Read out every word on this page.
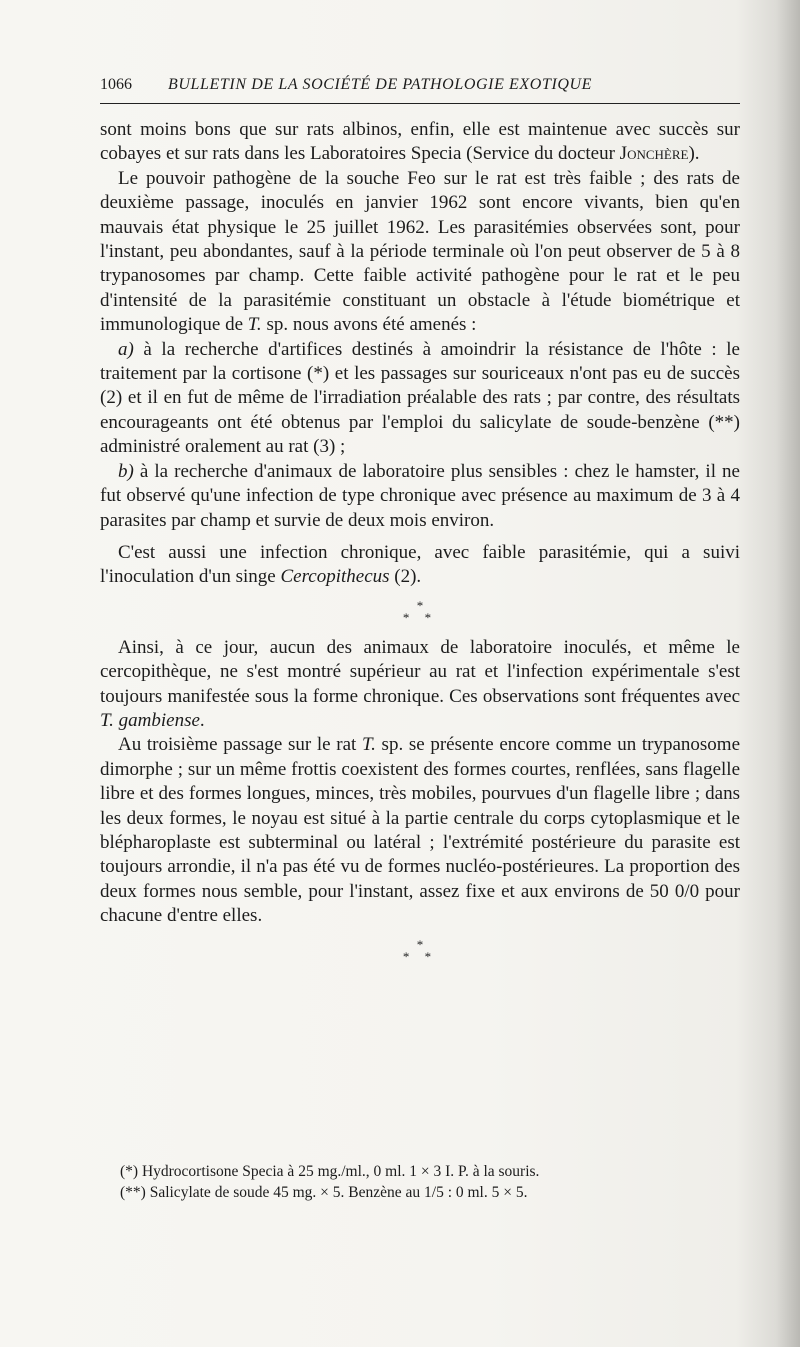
1066	BULLETIN DE LA SOCIÉTÉ DE PATHOLOGIE EXOTIQUE

sont moins bons que sur rats albinos, enfin, elle est maintenue avec succès sur cobayes et sur rats dans les Laboratoires Specia (Service du docteur Jonchère).

Le pouvoir pathogène de la souche Feo sur le rat est très faible ; des rats de deuxième passage, inoculés en janvier 1962 sont encore vivants, bien qu'en mauvais état physique le 25 juillet 1962. Les parasitémies observées sont, pour l'instant, peu abondantes, sauf à la période terminale où l'on peut observer de 5 à 8 trypanosomes par champ. Cette faible activité pathogène pour le rat et le peu d'intensité de la parasitémie constituant un obstacle à l'étude biométrique et immunologique de T. sp. nous avons été amenés :

a) à la recherche d'artifices destinés à amoindrir la résistance de l'hôte : le traitement par la cortisone (*) et les passages sur souriceaux n'ont pas eu de succès (2) et il en fut de même de l'irradiation préalable des rats ; par contre, des résultats encourageants ont été obtenus par l'emploi du salicylate de soude-benzène (**) administré oralement au rat (3) ;

b) à la recherche d'animaux de laboratoire plus sensibles : chez le hamster, il ne fut observé qu'une infection de type chronique avec présence au maximum de 3 à 4 parasites par champ et survie de deux mois environ.

C'est aussi une infection chronique, avec faible parasitémie, qui a suivi l'inoculation d'un singe Cercopithecus (2).

*
* *

Ainsi, à ce jour, aucun des animaux de laboratoire inoculés, et même le cercopithèque, ne s'est montré supérieur au rat et l'infection expérimentale s'est toujours manifestée sous la forme chronique. Ces observations sont fréquentes avec T. gambiense.

Au troisième passage sur le rat T. sp. se présente encore comme un trypanosome dimorphe ; sur un même frottis coexistent des formes courtes, renflées, sans flagelle libre et des formes longues, minces, très mobiles, pourvues d'un flagelle libre ; dans les deux formes, le noyau est situé à la partie centrale du corps cytoplasmique et le blépharoplaste est subterminal ou latéral ; l'extrémité postérieure du parasite est toujours arrondie, il n'a pas été vu de formes nucléo-postérieures. La proportion des deux formes nous semble, pour l'instant, assez fixe et aux environs de 50 0/0 pour chacune d'entre elles.

*
* *

(*) Hydrocortisone Specia à 25 mg./ml., 0 ml. 1 × 3 I. P. à la souris.

(**) Salicylate de soude 45 mg. × 5. Benzène au 1/5 : 0 ml. 5 × 5.
